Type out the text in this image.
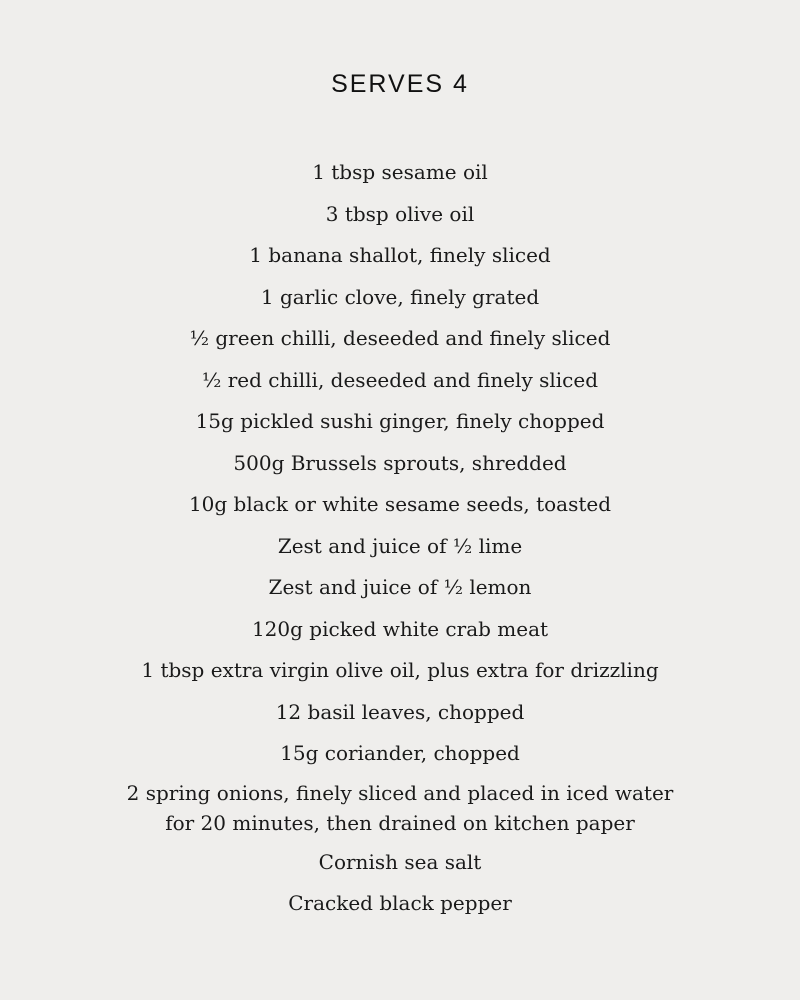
SERVES 4
1 tbsp sesame oil
3 tbsp olive oil
1 banana shallot, finely sliced
1 garlic clove, finely grated
½ green chilli, deseeded and finely sliced
½ red chilli, deseeded and finely sliced
15g pickled sushi ginger, finely chopped
500g Brussels sprouts, shredded
10g black or white sesame seeds, toasted
Zest and juice of ½ lime
Zest and juice of ½ lemon
120g picked white crab meat
1 tbsp extra virgin olive oil, plus extra for drizzling
12 basil leaves, chopped
15g coriander, chopped
2 spring onions, finely sliced and placed in iced water
for 20 minutes, then drained on kitchen paper
Cornish sea salt
Cracked black pepper
